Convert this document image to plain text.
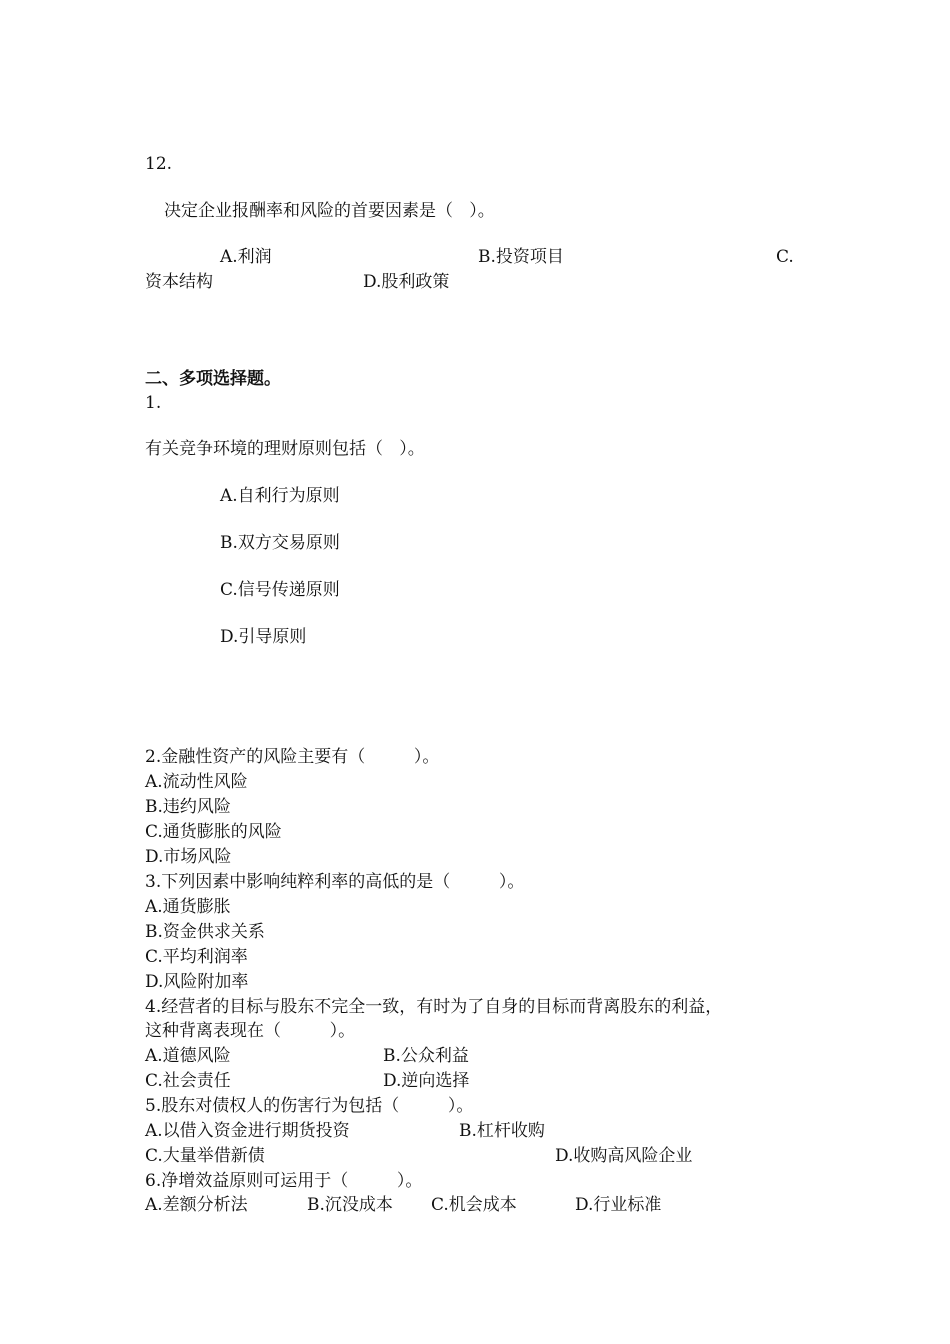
12.
决定企业报酬率和风险的首要因素是（   ）。
A.利润	B.投资项目	C.
资本结构	D.股利政策
二、多项选择题。
1.
有关竞争环境的理财原则包括（   ）。
A.自利行为原则
B.双方交易原则
C.信号传递原则
D.引导原则
2.金融性资产的风险主要有（         ）。
A.流动性风险
B.违约风险
C.通货膨胀的风险
D.市场风险
3.下列因素中影响纯粹利率的高低的是（         ）。
A.通货膨胀
B.资金供求关系
C.平均利润率
D.风险附加率
4.经营者的目标与股东不完全一致，有时为了自身的目标而背离股东的利益，
这种背离表现在（         ）。
A.道德风险	B.公众利益
C.社会责任	D.逆向选择
5.股东对债权人的伤害行为包括（         ）。
A.以借入资金进行期货投资	B.杠杆收购
C.大量举借新债	D.收购高风险企业
6.净增效益原则可运用于（         ）。
A.差额分析法	B.沉没成本 C.机会成本	D.行业标准
